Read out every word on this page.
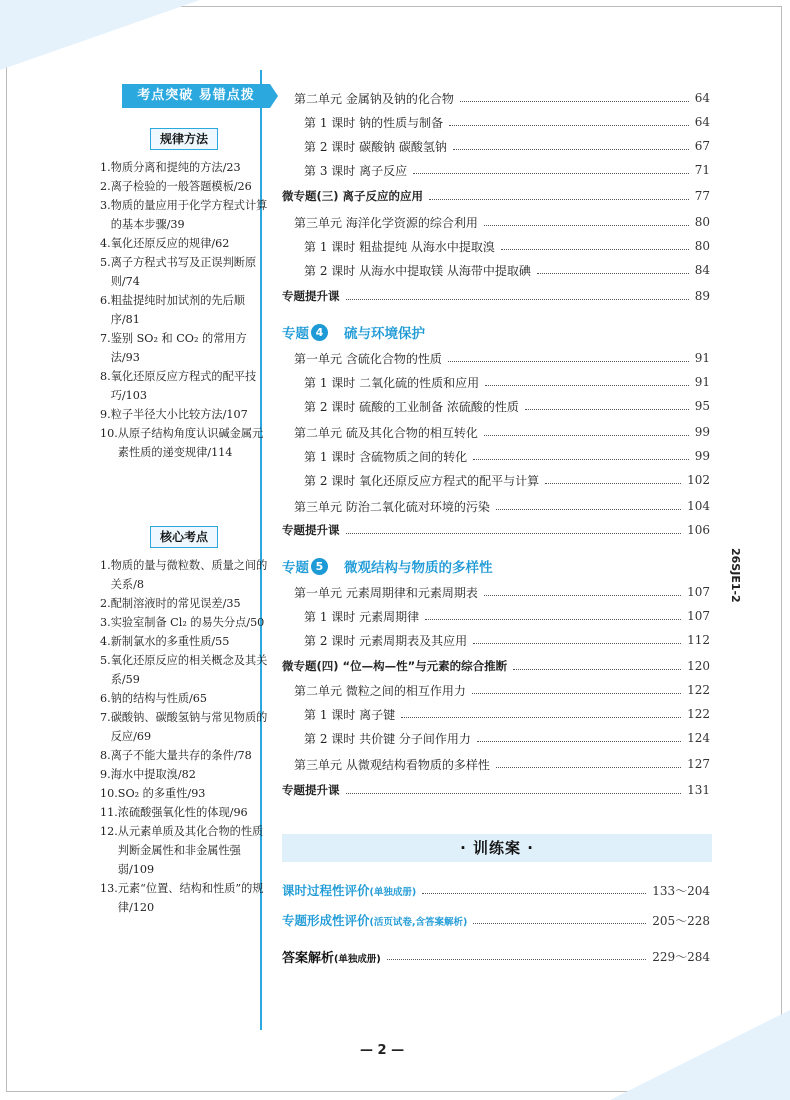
考点突破 易错点拨
规律方法
1. 物质分离和提纯的方法/23
2. 离子检验的一般答题模板/26
3. 物质的量应用于化学方程式计算的基本步骤/39
4. 氧化还原反应的规律/62
5. 离子方程式书写及正误判断原则/74
6. 粗盐提纯时加试剂的先后顺序/81
7. 鉴别 SO₂ 和 CO₂ 的常用方法/93
8. 氧化还原反应方程式的配平技巧/103
9. 粒子半径大小比较方法/107
10. 从原子结构角度认识碱金属元素性质的递变规律/114
核心考点
1. 物质的量与微粒数、质量之间的关系/8
2. 配制溶液时的常见误差/35
3. 实验室制备 Cl₂ 的易失分点/50
4. 新制氯水的多重性质/55
5. 氧化还原反应的相关概念及其关系/59
6. 钠的结构与性质/65
7. 碳酸钠、碳酸氢钠与常见物质的反应/69
8. 离子不能大量共存的条件/78
9. 海水中提取溴/82
10. SO₂ 的多重性/93
11. 浓硫酸强氧化性的体现/96
12. 从元素单质及其化合物的性质判断金属性和非金属性强弱/109
13. 元素“位置、结构和性质”的规律/120
第二单元 金属钠及钠的化合物	64
第 1 课时 钠的性质与制备	64
第 2 课时 碳酸钠 碳酸氢钠	67
第 3 课时 离子反应	71
微专题(三) 离子反应的应用	77
第三单元 海洋化学资源的综合利用	80
第 1 课时 粗盐提纯 从海水中提取溴	80
第 2 课时 从海水中提取镁 从海带中提取碘	84
专题提升课	89
专题 4	硫与环境保护
第一单元 含硫化合物的性质	91
第 1 课时 二氧化硫的性质和应用	91
第 2 课时 硫酸的工业制备 浓硫酸的性质	95
第二单元 硫及其化合物的相互转化	99
第 1 课时 含硫物质之间的转化	99
第 2 课时 氧化还原反应方程式的配平与计算	102
第三单元 防治二氧化硫对环境的污染	104
专题提升课	106
专题 5	微观结构与物质的多样性
第一单元 元素周期律和元素周期表	107
第 1 课时 元素周期律	107
第 2 课时 元素周期表及其应用	112
微专题(四) “位—构—性”与元素的综合推断	120
第二单元 微粒之间的相互作用力	122
第 1 课时 离子键	122
第 2 课时 共价键 分子间作用力	124
第三单元 从微观结构看物质的多样性	127
专题提升课	131
· 训练案 ·
课时过程性评价(单独成册)	133～204
专题形成性评价(活页试卷,含答案解析)	205～228
答案解析(单独成册)	229～284
26SJE1-2
— 2 —
